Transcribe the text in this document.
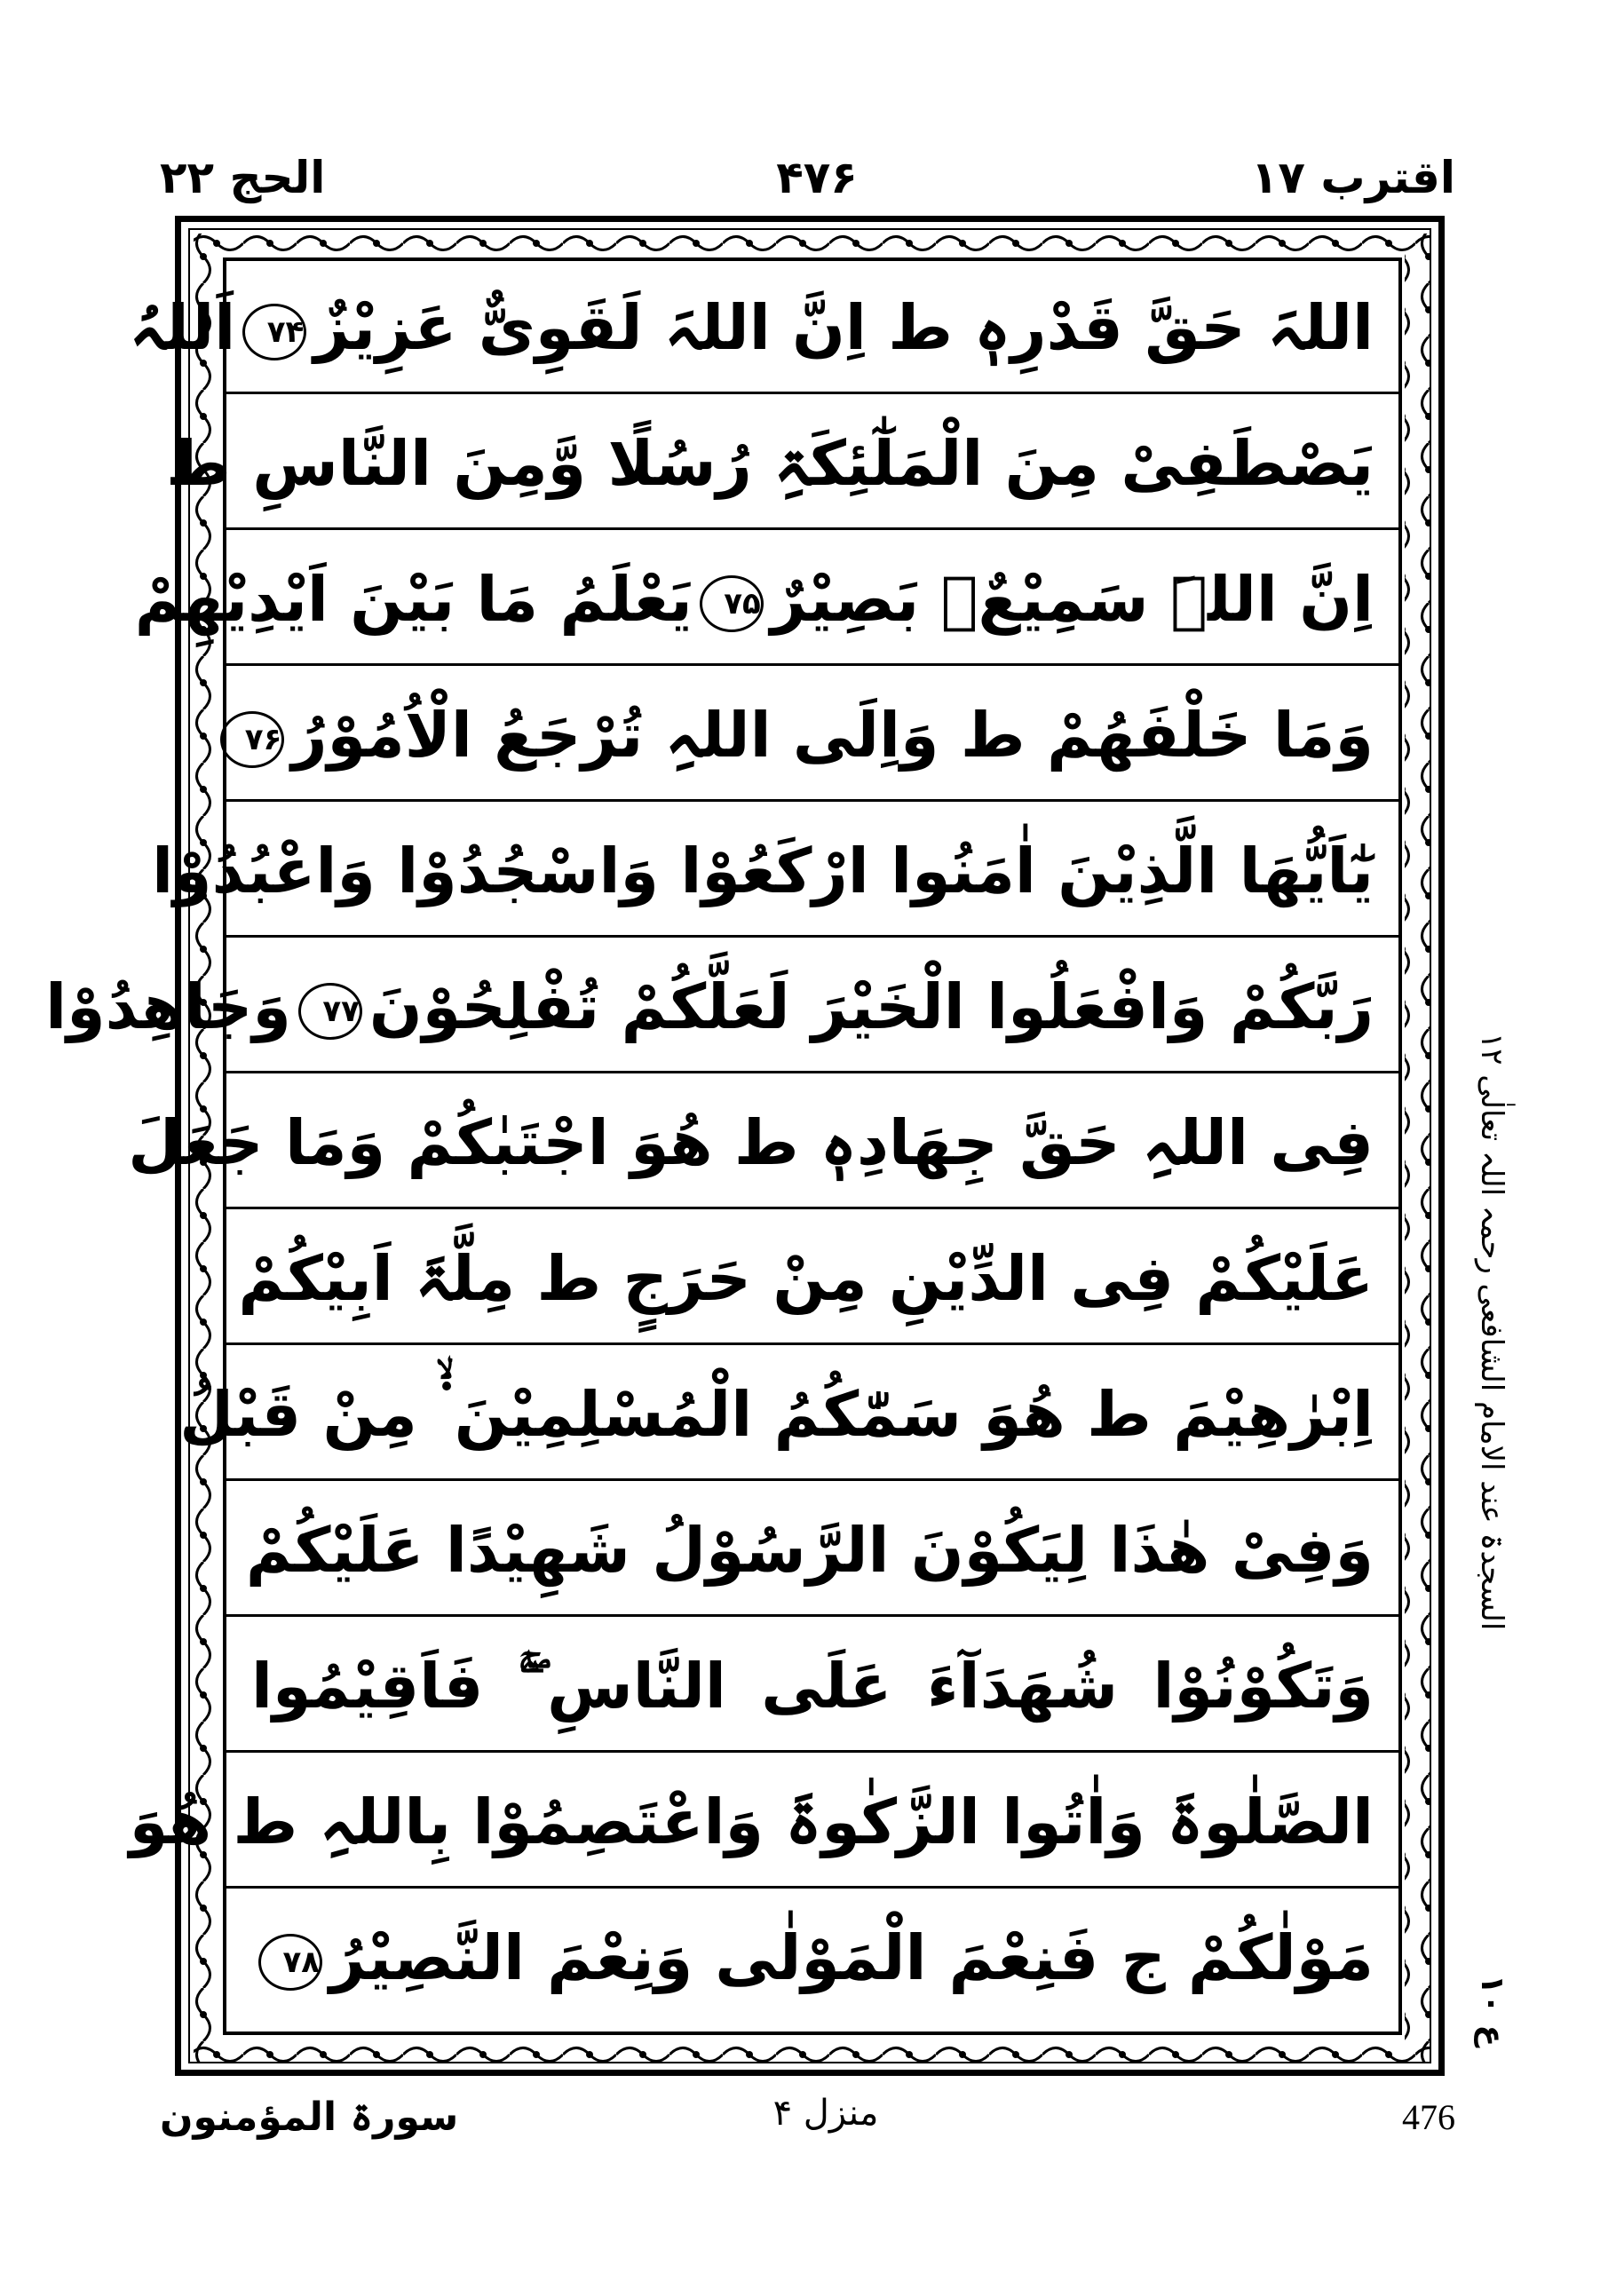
الحج ۲۲	۴۷۶	اقترب ۱۷
اللہَ حَقَّ قَدْرِہٖ ط اِنَّ اللہَ لَقَوِیٌّ عَزِیْزٌ۷۴اَللہُ
یَصْطَفِیْ مِنَ الْمَلٰٓئِکَۃِ رُسُلًا وَّمِنَ النَّاسِ ط
اِنَّ اللہَ سَمِیْعٌۢ بَصِیْرٌ۷۵یَعْلَمُ مَا بَیْنَ اَیْدِیْهِمْ
وَمَا خَلْفَهُمْ ط وَاِلَی اللہِ تُرْجَعُ الْاُمُوْرُ۷۶
یٰٓاَیُّهَا الَّذِیْنَ اٰمَنُوا ارْکَعُوْا وَاسْجُدُوْا وَاعْبُدُوْا
رَبَّکُمْ وَافْعَلُوا الْخَیْرَ لَعَلَّکُمْ تُفْلِحُوْنَ۷۷وَجَاهِدُوْا
فِی اللہِ حَقَّ جِهَادِہٖ ط هُوَ اجْتَبٰکُمْ وَمَا جَعَلَ
عَلَیْکُمْ فِی الدِّیْنِ مِنْ حَرَجٍ ط مِلَّۃَ اَبِیْکُمْ
اِبْرٰهِیْمَ ط هُوَ سَمّٰکُمُ الْمُسْلِمِیْنَ ۬ۙ مِنْ قَبْلُ
وَفِیْ هٰذَا لِیَکُوْنَ الرَّسُوْلُ شَهِیْدًا عَلَیْکُمْ
وَتَکُوْنُوْا شُهَدَآءَ عَلَی النَّاسِ ۚۖ فَاَقِیْمُوا
الصَّلٰوۃَ وَاٰتُوا الزَّکٰوۃَ وَاعْتَصِمُوْا بِاللہِ ط هُوَ
مَوْلٰکُمْ ج فَنِعْمَ الْمَوْلٰی وَنِعْمَ النَّصِیْرُ۷۸
السجدۃ عند الامام الشافعی رحمہ اللہ تعالٰی ۱۲
ع ۱۰
سورۃ المؤمنون	منزل ۴	476
